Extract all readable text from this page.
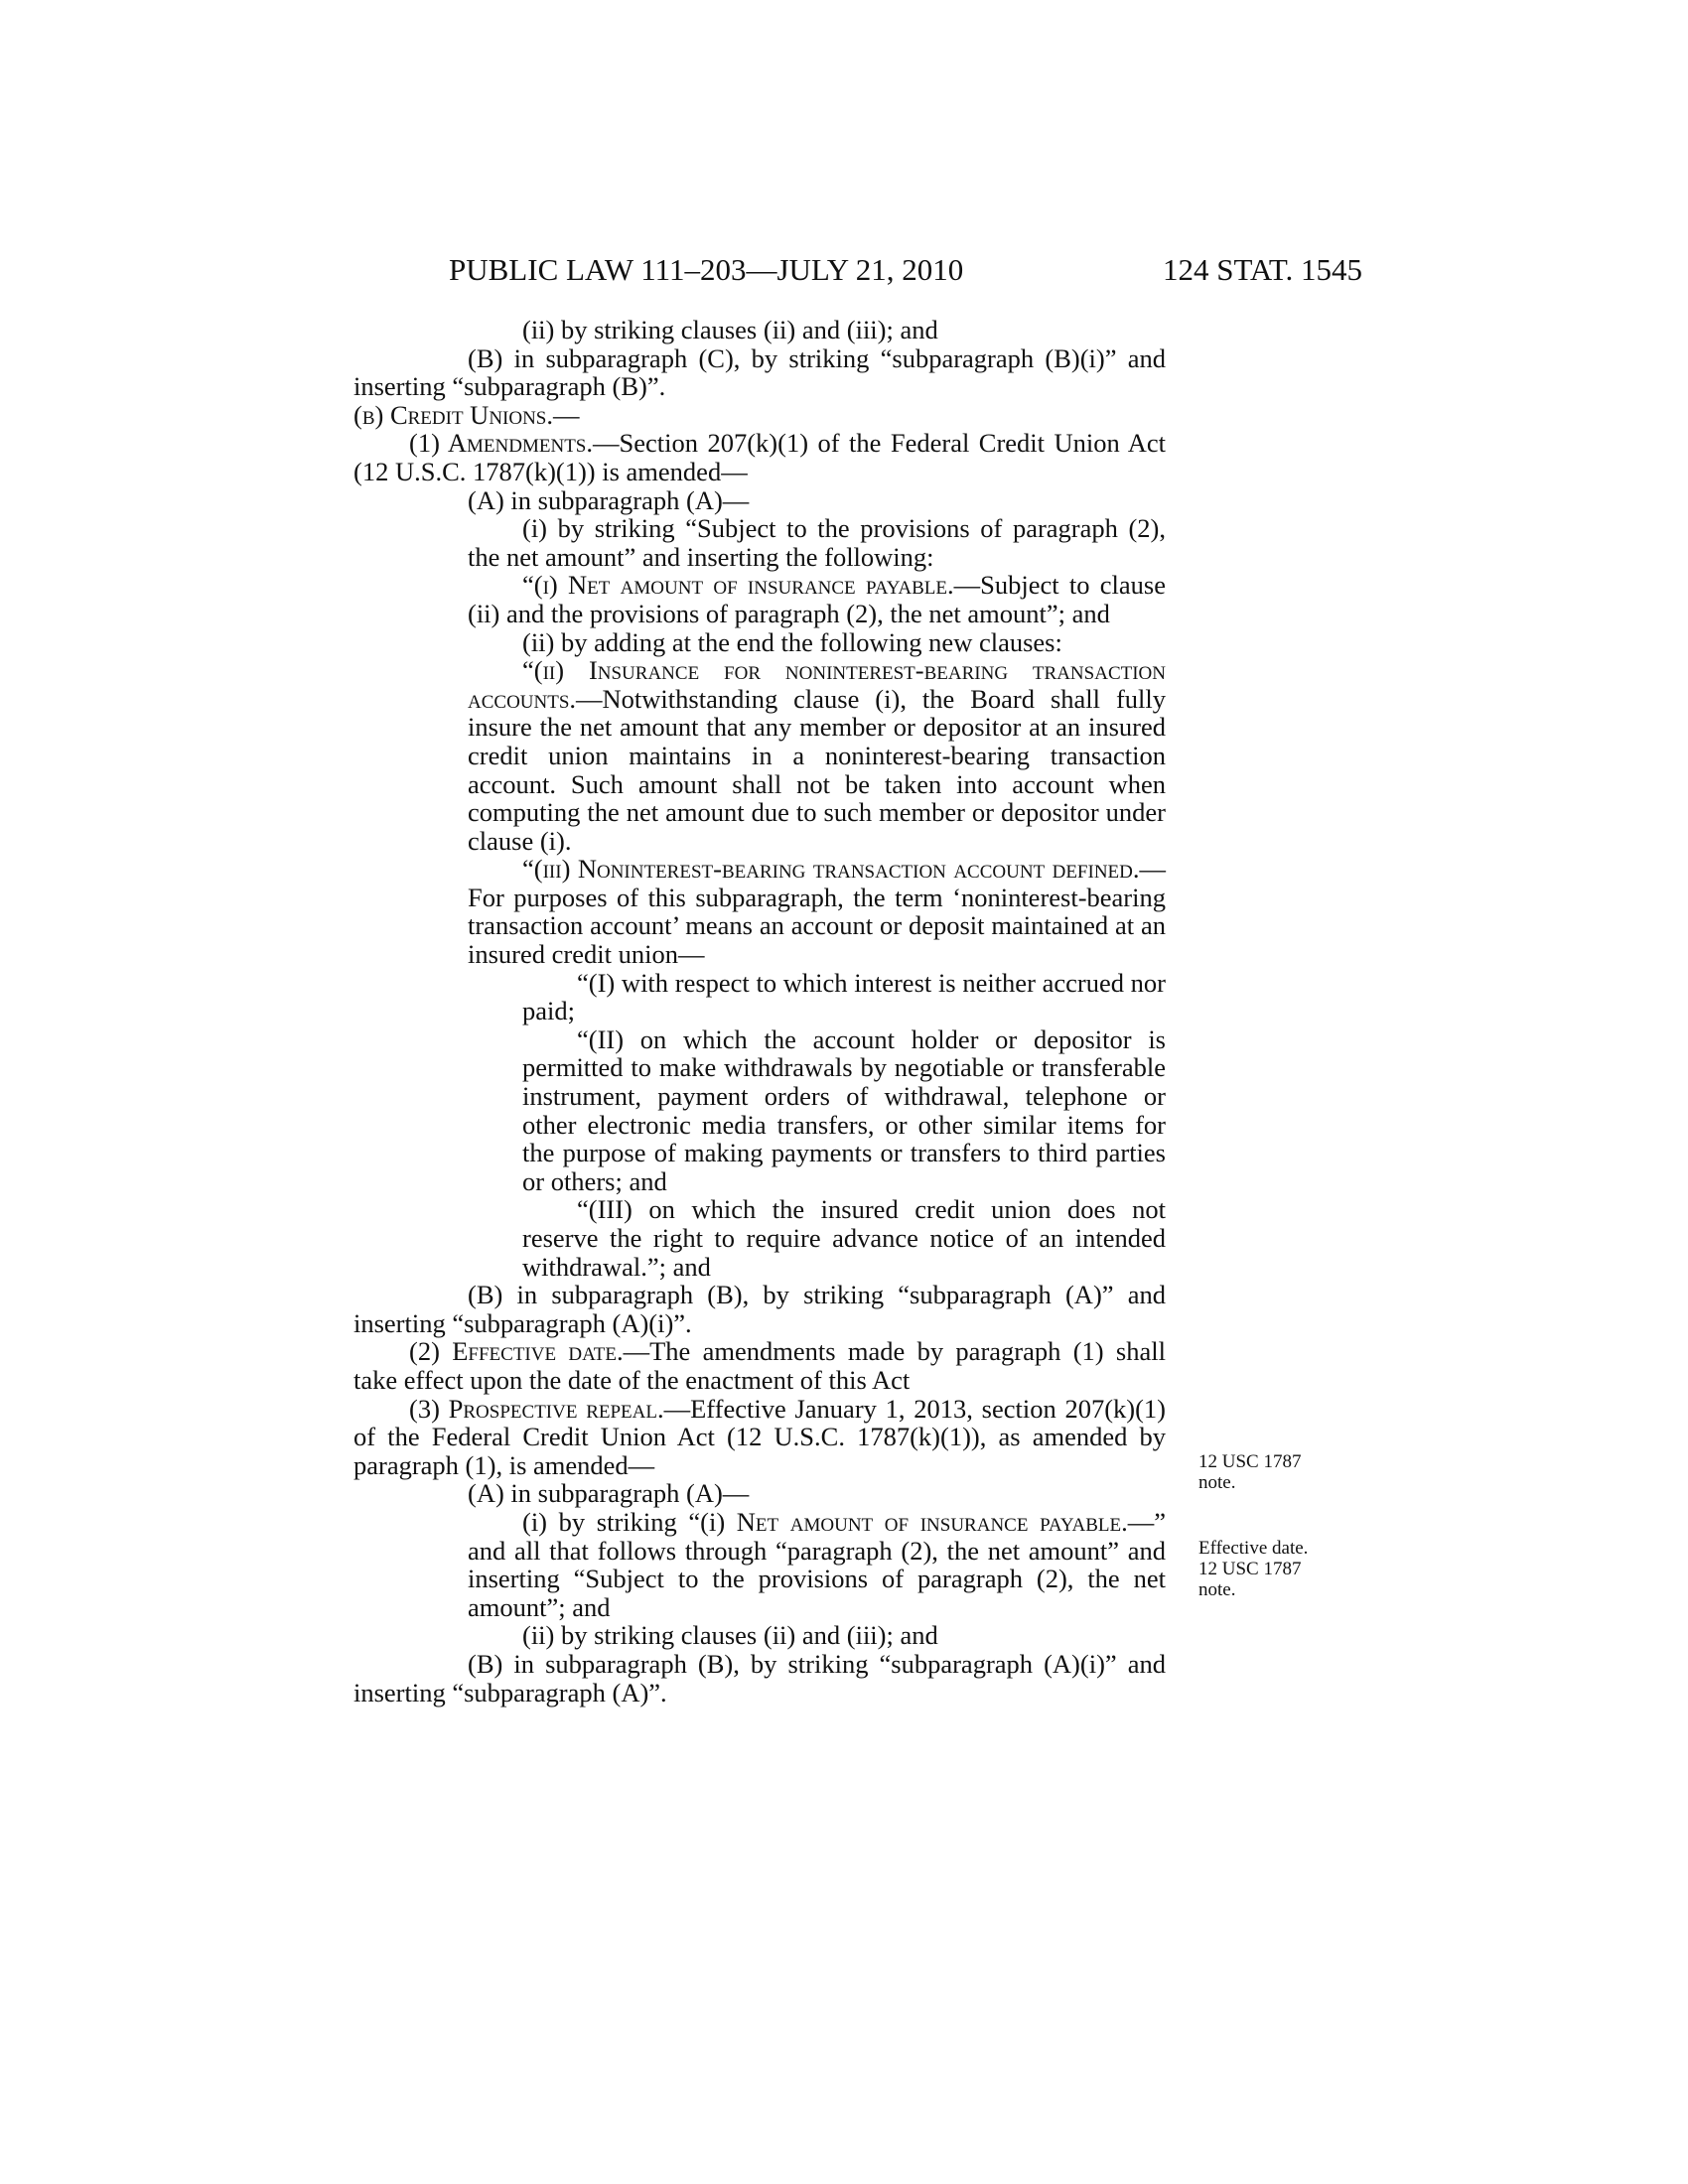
PUBLIC LAW 111–203—JULY 21, 2010	124 STAT. 1545

(ii) by striking clauses (ii) and (iii); and

(B) in subparagraph (C), by striking “subparagraph (B)(i)” and inserting “subparagraph (B)”.

(b) Credit Unions.—

(1) Amendments.—Section 207(k)(1) of the Federal Credit Union Act (12 U.S.C. 1787(k)(1)) is amended—

(A) in subparagraph (A)—

(i) by striking “Subject to the provisions of paragraph (2), the net amount” and inserting the following:

“(i) Net amount of insurance payable.—Subject to clause (ii) and the provisions of paragraph (2), the net amount”; and

(ii) by adding at the end the following new clauses:

“(ii) Insurance for noninterest-bearing transaction accounts.—Notwithstanding clause (i), the Board shall fully insure the net amount that any member or depositor at an insured credit union maintains in a noninterest-bearing transaction account. Such amount shall not be taken into account when computing the net amount due to such member or depositor under clause (i).

“(iii) Noninterest-bearing transaction account defined.—For purposes of this subparagraph, the term ‘noninterest-bearing transaction account’ means an account or deposit maintained at an insured credit union—

“(I) with respect to which interest is neither accrued nor paid;

“(II) on which the account holder or depositor is permitted to make withdrawals by negotiable or transferable instrument, payment orders of withdrawal, telephone or other electronic media transfers, or other similar items for the purpose of making payments or transfers to third parties or others; and

“(III) on which the insured credit union does not reserve the right to require advance notice of an intended withdrawal.”; and

(B) in subparagraph (B), by striking “subparagraph (A)” and inserting “subparagraph (A)(i)”.

(2) Effective date.—The amendments made by paragraph (1) shall take effect upon the date of the enactment of this Act

(3) Prospective repeal.—Effective January 1, 2013, section 207(k)(1) of the Federal Credit Union Act (12 U.S.C. 1787(k)(1)), as amended by paragraph (1), is amended—

(A) in subparagraph (A)—

(i) by striking “(i) Net amount of insurance payable.—” and all that follows through “paragraph (2), the net amount” and inserting “Subject to the provisions of paragraph (2), the net amount”; and

(ii) by striking clauses (ii) and (iii); and

(B) in subparagraph (B), by striking “subparagraph (A)(i)” and inserting “subparagraph (A)”.

12 USC 1787
note.
Effective date.
12 USC 1787
note.
